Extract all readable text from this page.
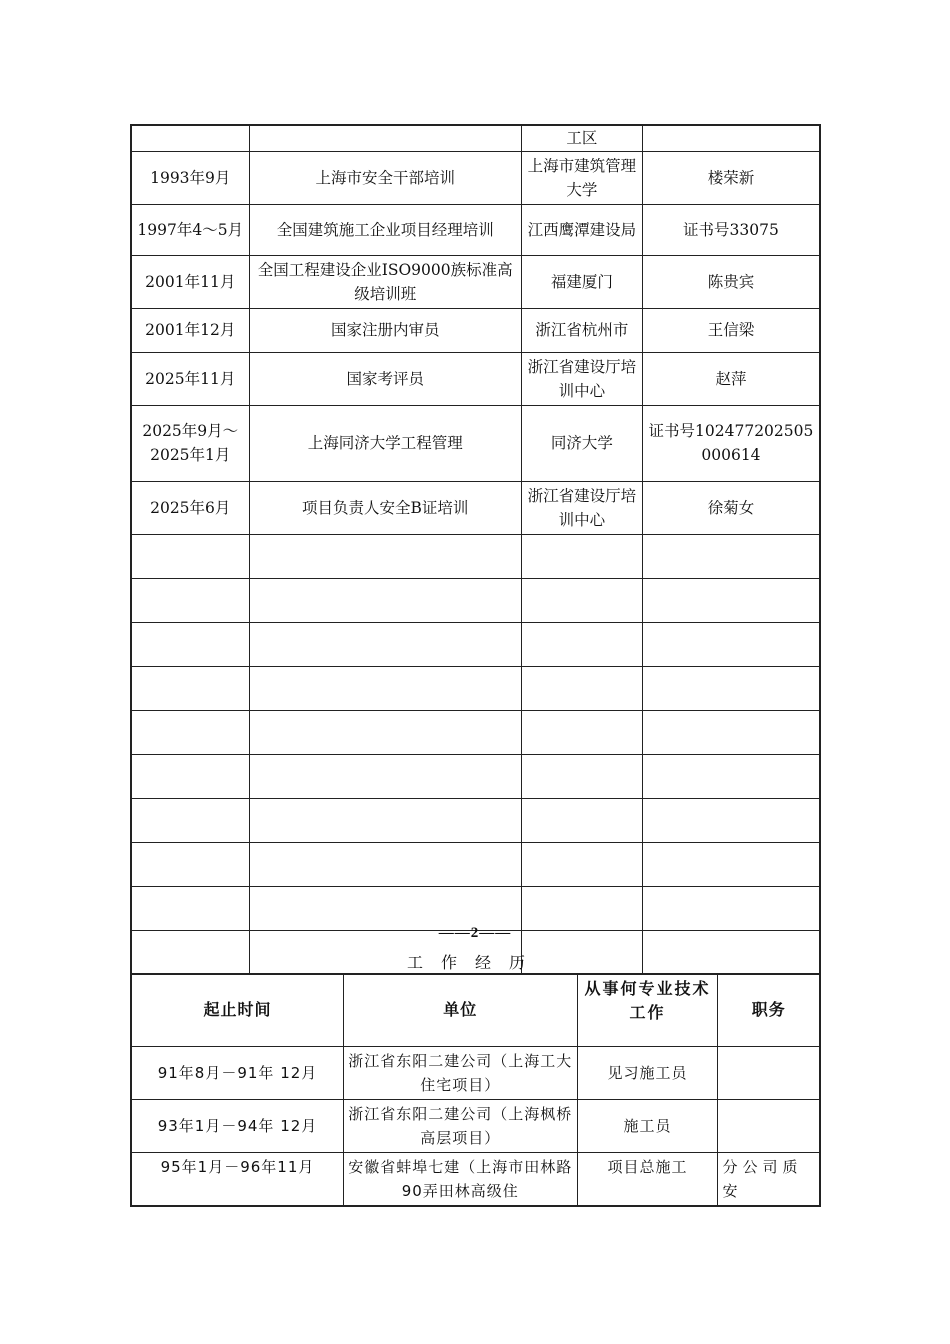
		工区	
1993年9月	上海市安全干部培训	上海市建筑管理大学	楼荣新
1997年4～5月	全国建筑施工企业项目经理培训	江西鹰潭建设局	证书号33075
2001年11月	全国工程建设企业ISO9000族标准高级培训班	福建厦门	陈贵宾
2001年12月	国家注册内审员	浙江省杭州市	王信梁
2025年11月	国家考评员	浙江省建设厅培训中心	赵萍
2025年9月～2025年1月	上海同济大学工程管理	同济大学	证书号102477202505000614
2025年6月	项目负责人安全B证培训	浙江省建设厅培训中心	徐菊女

——2——
工作经历
起止时间	单位	从事何专业技术工作	职务
91年8月－91年 12月	浙江省东阳二建公司（上海工大住宅项目）	见习施工员	
93年1月－94年 12月	浙江省东阳二建公司（上海枫桥高层项目）	施工员	
95年1月－96年11月	安徽省蚌埠七建（上海市田林路90弄田林高级住	项目总施工	分公司质安
